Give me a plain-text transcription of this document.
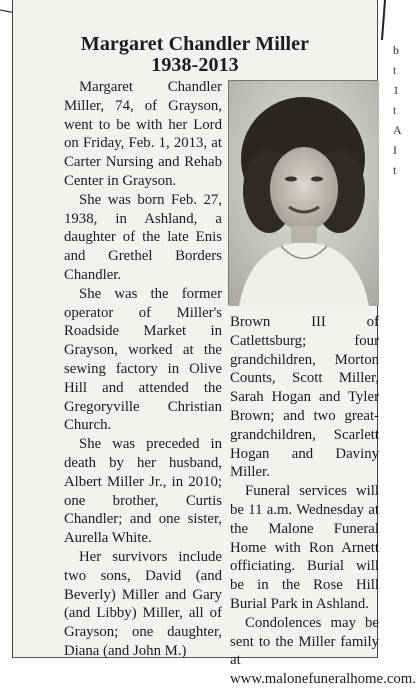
Margaret Chandler Miller
1938-2013

Margaret Chandler Miller, 74, of Grayson, went to be with her Lord on Friday, Feb. 1, 2013, at Carter Nursing and Rehab Center in Grayson.

She was born Feb. 27, 1938, in Ashland, a daughter of the late Enis and Grethel Borders Chandler.

She was the former operator of Miller's Roadside Market in Grayson, worked at the sewing factory in Olive Hill and attended the Gregoryville Christian Church.

She was preceded in death by her husband, Albert Miller Jr., in 2010; one brother, Curtis Chandler; and one sister, Aurella White.

Her survivors include two sons, David (and Beverly) Miller and Gary (and Libby) Miller, all of Grayson; one daughter, Diana (and John M.)

Brown III of Catlettsburg; four grandchildren, Morton Counts, Scott Miller, Sarah Hogan and Tyler Brown; and two great-grandchildren, Scarlett Hogan and Daviny Miller.

Funeral services will be 11 a.m. Wednesday at the Malone Funeral Home with Ron Arnett officiating. Burial will be in the Rose Hill Burial Park in Ashland.

Condolences may be sent to the Miller family at www.malonefuneralhome.com.

b
t
1
t
A
I
t
